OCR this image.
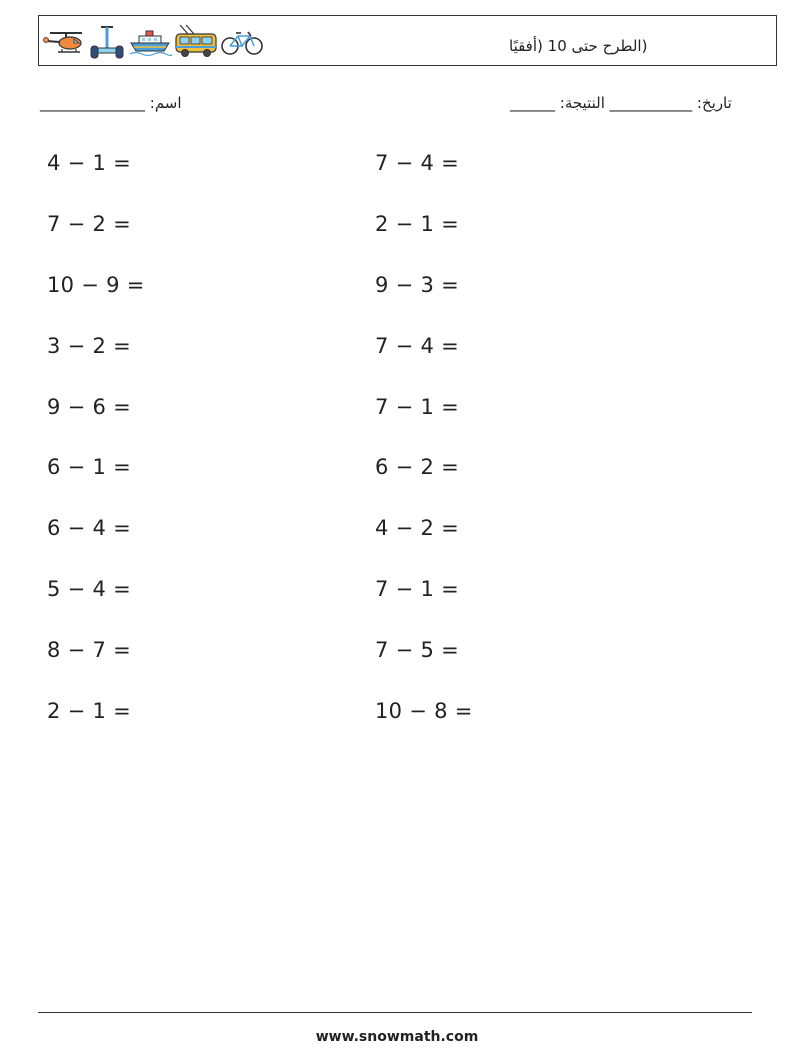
(الطرح حتى 10 (أفقيًا
______________ :اسم	______ :تاريخ: ___________ النتيجة
4 − 1 =
7 − 2 =
10 − 9 =
3 − 2 =
9 − 6 =
6 − 1 =
6 − 4 =
5 − 4 =
8 − 7 =
2 − 1 =
7 − 4 =
2 − 1 =
9 − 3 =
7 − 4 =
7 − 1 =
6 − 2 =
4 − 2 =
7 − 1 =
7 − 5 =
10 − 8 =
www.snowmath.com
